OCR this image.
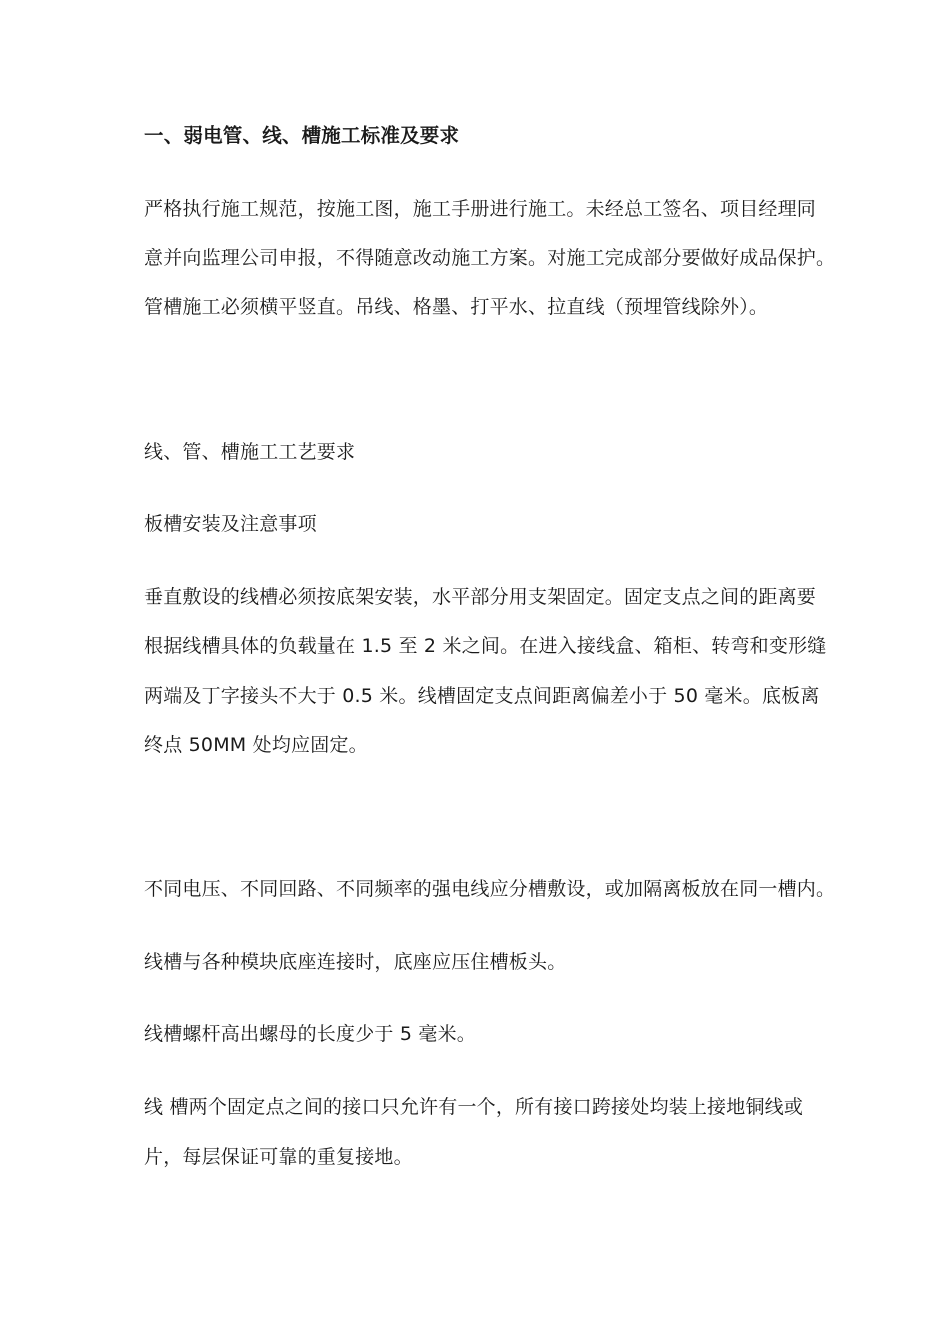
一、弱电管、线、槽施工标准及要求

严格执行施工规范，按施工图，施工手册进行施工。未经总工签名、项目经理同

意并向监理公司申报，不得随意改动施工方案。对施工完成部分要做好成品保护。

管槽施工必须横平竖直。吊线、格墨、打平水、拉直线（预埋管线除外）。

线、管、槽施工工艺要求

板槽安装及注意事项

垂直敷设的线槽必须按底架安装，水平部分用支架固定。固定支点之间的距离要

根据线槽具体的负载量在 1.5 至 2 米之间。在进入接线盒、箱柜、转弯和变形缝

两端及丁字接头不大于 0.5 米。线槽固定支点间距离偏差小于 50 毫米。底板离

终点 50MM 处均应固定。

不同电压、不同回路、不同频率的强电线应分槽敷设，或加隔离板放在同一槽内。

线槽与各种模块底座连接时，底座应压住槽板头。

线槽螺杆高出螺母的长度少于 5 毫米。

线 槽两个固定点之间的接口只允许有一个，所有接口跨接处均装上接地铜线或

片，每层保证可靠的重复接地。
